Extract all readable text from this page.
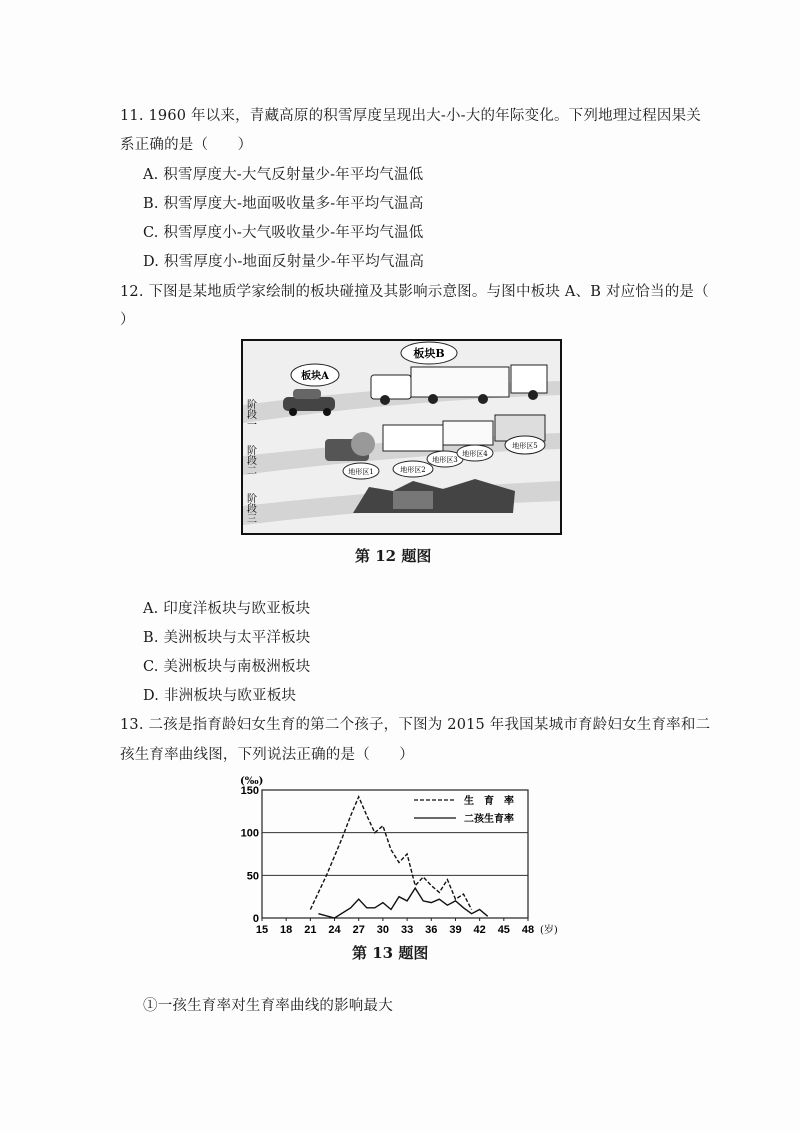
11. 1960 年以来，青藏高原的积雪厚度呈现出大-小-大的年际变化。下列地理过程因果关
系正确的是（　　）
A. 积雪厚度大-大气反射量少-年平均气温低
B. 积雪厚度大-地面吸收量多-年平均气温高
C. 积雪厚度小-大气吸收量少-年平均气温低
D. 积雪厚度小-地面反射量少-年平均气温高
12. 下图是某地质学家绘制的板块碰撞及其影响示意图。与图中板块 A、B 对应恰当的是（
）
板块A
板块B
地形区1	地形区2
地形区3
地形区4
地形区5
阶段一
阶段二
阶段三
第 12 题图
A. 印度洋板块与欧亚板块
B. 美洲板块与太平洋板块
C. 美洲板块与南极洲板块
D. 非洲板块与欧亚板块
13. 二孩是指育龄妇女生育的第二个孩子，下图为 2015 年我国某城市育龄妇女生育率和二
孩生育率曲线图，下列说法正确的是（　　）
0
50
100
150
15 18 21 24 27 30 33 36 39 42 45 48
生　育　率
二孩生育率
(‰)
(岁)
第 13 题图
①一孩生育率对生育率曲线的影响最大
